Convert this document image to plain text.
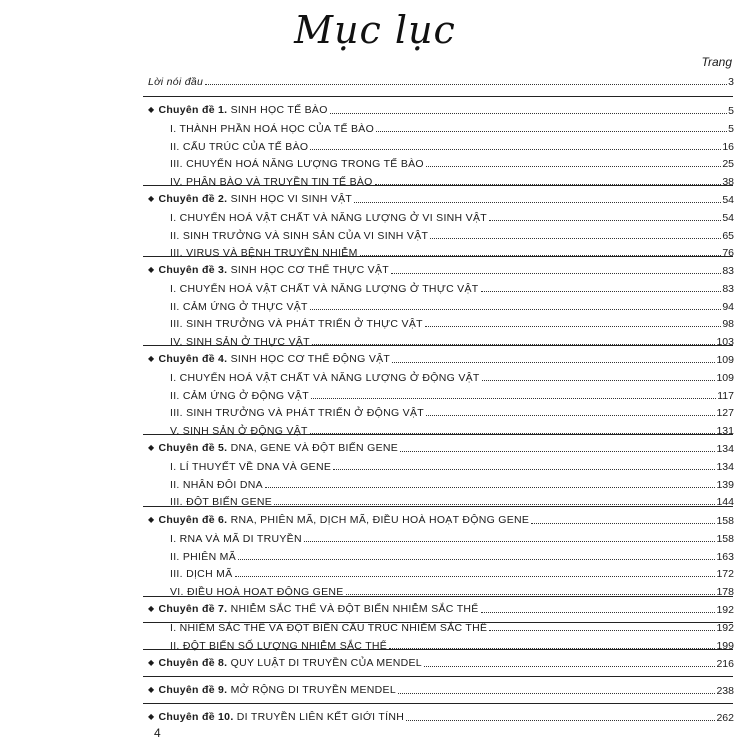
Mục lục
Trang
Lời nói đầu	3
◆ Chuyên đề 1. SINH HỌC TẾ BÀO	5
I. THÀNH PHẦN HOÁ HỌC CỦA TẾ BÀO	5
II. CẤU TRÚC CỦA TẾ BÀO	16
III. CHUYỂN HOÁ NĂNG LƯỢNG TRONG TẾ BÀO	25
IV. PHÂN BÀO VÀ TRUYỀN TIN TẾ BÀO	38
◆ Chuyên đề 2. SINH HỌC VI SINH VẬT	54
I. CHUYỂN HOÁ VẬT CHẤT VÀ NĂNG LƯỢNG Ở VI SINH VẬT	54
II. SINH TRƯỞNG VÀ SINH SẢN CỦA VI SINH VẬT	65
III. VIRUS VÀ BỆNH TRUYỀN NHIỄM	76
◆ Chuyên đề 3. SINH HỌC CƠ THỂ THỰC VẬT	83
I. CHUYỂN HOÁ VẬT CHẤT VÀ NĂNG LƯỢNG Ở THỰC VẬT	83
II. CẢM ỨNG Ở THỰC VẬT	94
III. SINH TRƯỞNG VÀ PHÁT TRIỂN Ở THỰC VẬT	98
IV. SINH SẢN Ở THỰC VẬT	103
◆ Chuyên đề 4. SINH HỌC CƠ THỂ ĐỘNG VẬT	109
I. CHUYỂN HOÁ VẬT CHẤT VÀ NĂNG LƯỢNG Ở ĐỘNG VẬT	109
II. CẢM ỨNG Ở ĐỘNG VẬT	117
III. SINH TRƯỞNG VÀ PHÁT TRIỂN Ở ĐỘNG VẬT	127
V. SINH SẢN Ở ĐỘNG VẬT	131
◆ Chuyên đề 5. DNA, GENE VÀ ĐỘT BIẾN GENE	134
I. LÍ THUYẾT VỀ DNA VÀ GENE	134
II. NHÂN ĐÔI DNA	139
III. ĐỘT BIẾN GENE	144
◆ Chuyên đề 6. RNA, PHIÊN MÃ, DỊCH MÃ, ĐIỀU HOÀ HOẠT ĐỘNG GENE	158
I. RNA VÀ MÃ DI TRUYỀN	158
II. PHIÊN MÃ	163
III. DỊCH MÃ	172
VI. ĐIỀU HOÀ HOẠT ĐỘNG GENE	178
◆ Chuyên đề 7. NHIỄM SẮC THỂ VÀ ĐỘT BIẾN NHIỄM SẮC THỂ	192
I. NHIỄM SẮC THỂ VÀ ĐỘT BIẾN CẤU TRÚC NHIỄM SẮC THỂ	192
II. ĐỘT BIẾN SỐ LƯỢNG NHIỄM SẮC THỂ	199
◆ Chuyên đề 8. QUY LUẬT DI TRUYỀN CỦA MENDEL	216
◆ Chuyên đề 9. MỞ RỘNG DI TRUYỀN MENDEL	238
◆ Chuyên đề 10. DI TRUYỀN LIÊN KẾT GIỚI TÍNH	262
4
